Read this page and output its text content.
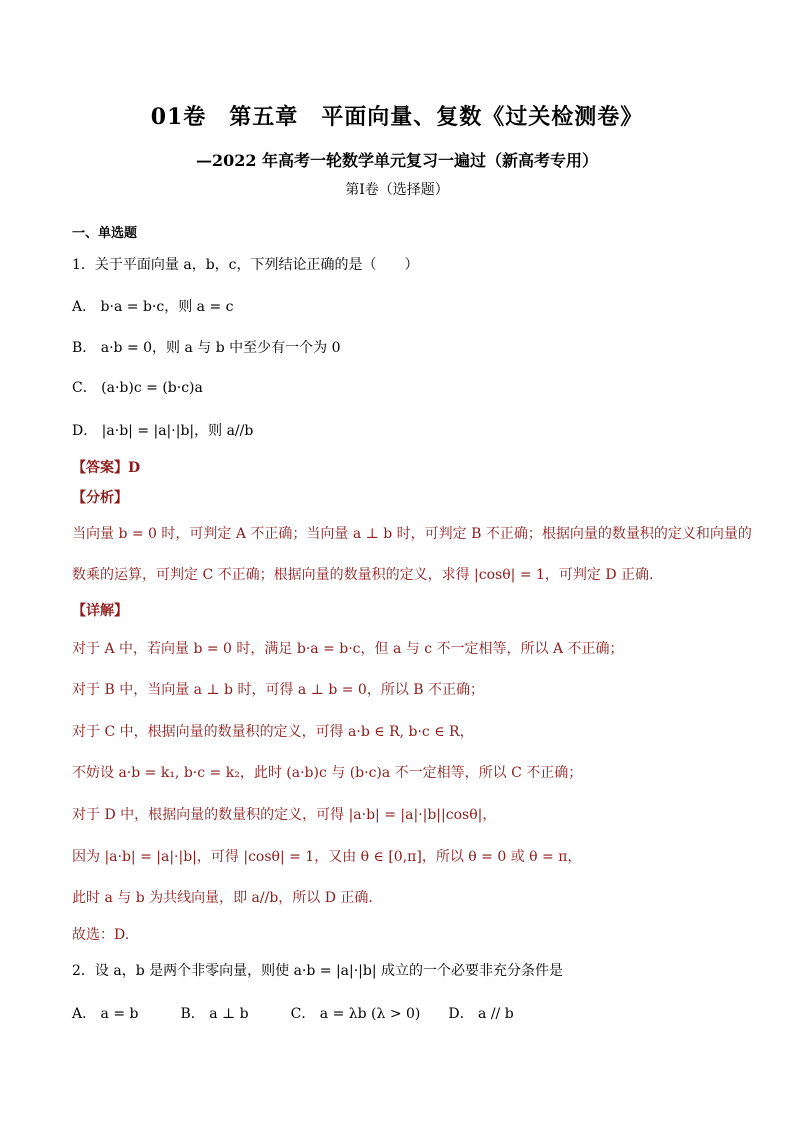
01卷　第五章　平面向量、复数《过关检测卷》
—2022 年高考一轮数学单元复习一遍过（新高考专用）
第Ⅰ卷（选择题）
一、单选题
1．关于平面向量 a，b，c，下列结论正确的是（　　）
A． b·a = b·c，则 a = c
B． a·b = 0，则 a 与 b 中至少有一个为 0
C． (a·b)c = (b·c)a
D． |a·b| = |a|·|b|，则 a//b
【答案】D
【分析】
当向量 b = 0 时，可判定 A 不正确；当向量 a ⊥ b 时，可判定 B 不正确；根据向量的数量积的定义和向量的
数乘的运算，可判定 C 不正确；根据向量的数量积的定义，求得 |cosθ| = 1，可判定 D 正确.
【详解】
对于 A 中，若向量 b = 0 时，满足 b·a = b·c，但 a 与 c 不一定相等，所以 A 不正确；
对于 B 中，当向量 a ⊥ b 时，可得 a ⊥ b = 0，所以 B 不正确；
对于 C 中，根据向量的数量积的定义，可得 a·b ∈ R, b·c ∈ R，
不妨设 a·b = k₁, b·c = k₂，此时 (a·b)c 与 (b·c)a 不一定相等，所以 C 不正确；
对于 D 中，根据向量的数量积的定义，可得 |a·b| = |a|·|b||cosθ|，
因为 |a·b| = |a|·|b|，可得 |cosθ| = 1，又由 θ ∈ [0,π]，所以 θ = 0 或 θ = π，
此时 a 与 b 为共线向量，即 a//b，所以 D 正确.
故选：D.
2．设 a，b 是两个非零向量，则使 a·b = |a|·|b| 成立的一个必要非充分条件是
A． a = b　　　B． a ⊥ b　　　C． a = λb (λ > 0)　　D． a // b
